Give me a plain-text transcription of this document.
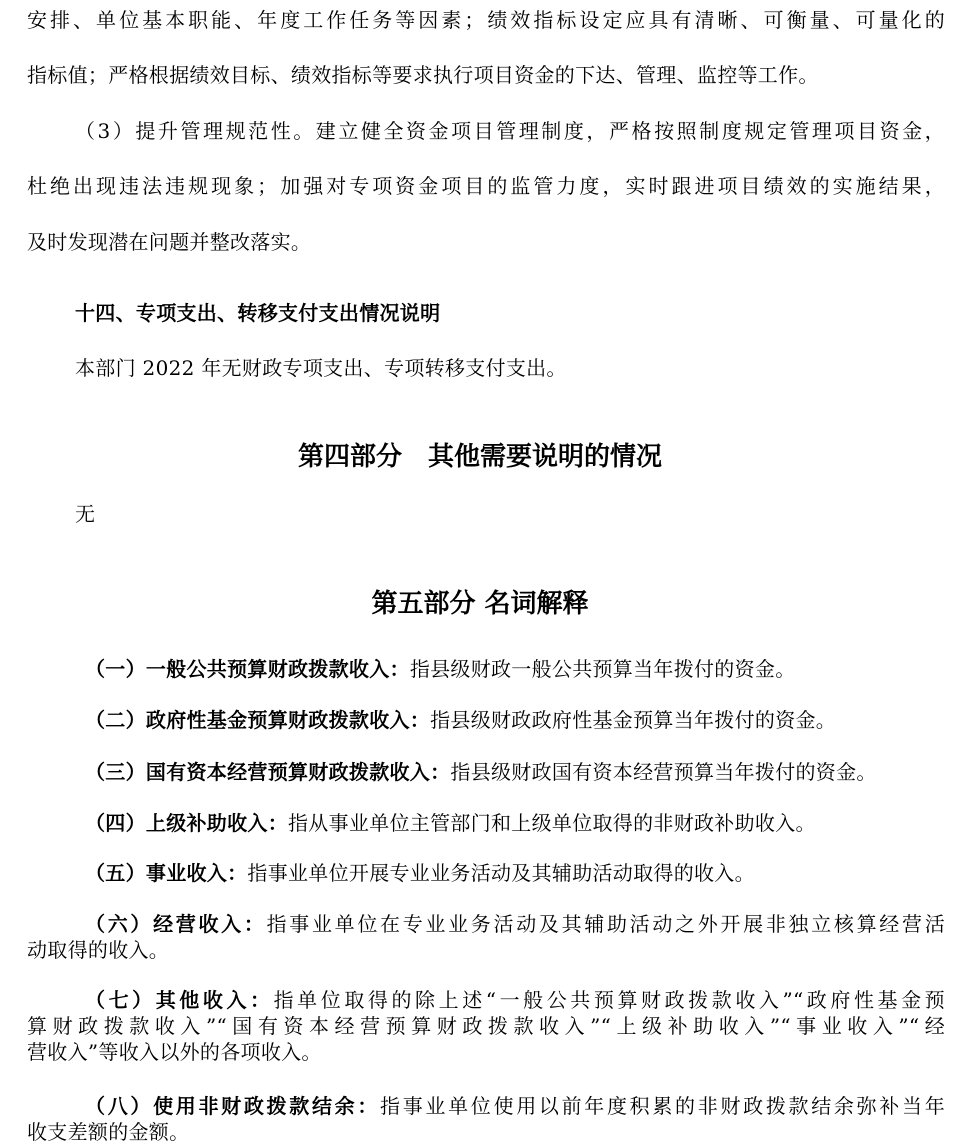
安排、单位基本职能、年度工作任务等因素；绩效指标设定应具有清晰、可衡量、可量化的
指标值；严格根据绩效目标、绩效指标等要求执行项目资金的下达、管理、监控等工作。
（3）提升管理规范性。建立健全资金项目管理制度，严格按照制度规定管理项目资金，
杜绝出现违法违规现象；加强对专项资金项目的监管力度，实时跟进项目绩效的实施结果，
及时发现潜在问题并整改落实。
十四、专项支出、转移支付支出情况说明
本部门 2022 年无财政专项支出、专项转移支付支出。
第四部分　其他需要说明的情况
无
第五部分 名词解释
（一）一般公共预算财政拨款收入：指县级财政一般公共预算当年拨付的资金。
（二）政府性基金预算财政拨款收入：指县级财政政府性基金预算当年拨付的资金。
（三）国有资本经营预算财政拨款收入：指县级财政国有资本经营预算当年拨付的资金。
（四）上级补助收入：指从事业单位主管部门和上级单位取得的非财政补助收入。
（五）事业收入：指事业单位开展专业业务活动及其辅助活动取得的收入。
（六）经营收入：指事业单位在专业业务活动及其辅助活动之外开展非独立核算经营活
动取得的收入。
（七）其他收入：指单位取得的除上述“一般公共预算财政拨款收入”“政府性基金预
算财政拨款收入”“国有资本经营预算财政拨款收入”“上级补助收入”“事业收入”“经
营收入”等收入以外的各项收入。
（八）使用非财政拨款结余：指事业单位使用以前年度积累的非财政拨款结余弥补当年
收支差额的金额。
